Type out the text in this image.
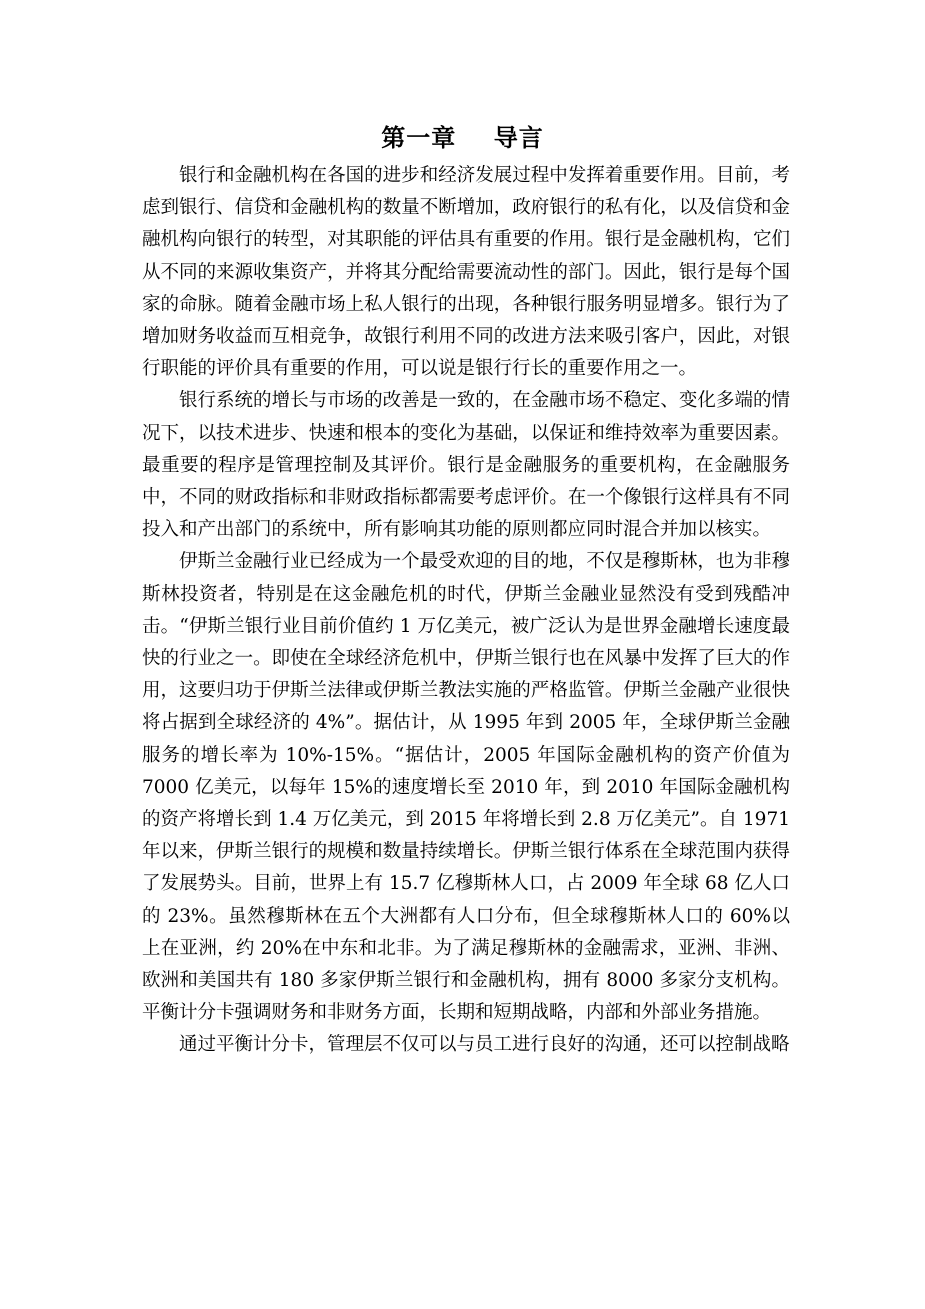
第一章    导言

银行和金融机构在各国的进步和经济发展过程中发挥着重要作用。目前，考虑到银行、信贷和金融机构的数量不断增加，政府银行的私有化，以及信贷和金融机构向银行的转型，对其职能的评估具有重要的作用。银行是金融机构，它们从不同的来源收集资产，并将其分配给需要流动性的部门。因此，银行是每个国家的命脉。随着金融市场上私人银行的出现，各种银行服务明显增多。银行为了增加财务收益而互相竞争，故银行利用不同的改进方法来吸引客户，因此，对银行职能的评价具有重要的作用，可以说是银行行长的重要作用之一。

银行系统的增长与市场的改善是一致的，在金融市场不稳定、变化多端的情况下，以技术进步、快速和根本的变化为基础，以保证和维持效率为重要因素。最重要的程序是管理控制及其评价。银行是金融服务的重要机构，在金融服务中，不同的财政指标和非财政指标都需要考虑评价。在一个像银行这样具有不同投入和产出部门的系统中，所有影响其功能的原则都应同时混合并加以核实。

伊斯兰金融行业已经成为一个最受欢迎的目的地，不仅是穆斯林，也为非穆斯林投资者，特别是在这金融危机的时代，伊斯兰金融业显然没有受到残酷冲击。“伊斯兰银行业目前价值约 1 万亿美元，被广泛认为是世界金融增长速度最快的行业之一。即使在全球经济危机中，伊斯兰银行也在风暴中发挥了巨大的作用，这要归功于伊斯兰法律或伊斯兰教法实施的严格监管。伊斯兰金融产业很快将占据到全球经济的 4%”。据估计，从 1995 年到 2005 年，全球伊斯兰金融服务的增长率为 10%-15%。“据估计，2005 年国际金融机构的资产价值为 7000 亿美元，以每年 15%的速度增长至 2010 年，到 2010 年国际金融机构的资产将增长到 1.4 万亿美元，到 2015 年将增长到 2.8 万亿美元”。自 1971 年以来，伊斯兰银行的规模和数量持续增长。伊斯兰银行体系在全球范围内获得了发展势头。目前，世界上有 15.7 亿穆斯林人口，占 2009 年全球 68 亿人口的 23%。虽然穆斯林在五个大洲都有人口分布，但全球穆斯林人口的 60%以上在亚洲，约 20%在中东和北非。为了满足穆斯林的金融需求，亚洲、非洲、欧洲和美国共有 180 多家伊斯兰银行和金融机构，拥有 8000 多家分支机构。平衡计分卡强调财务和非财务方面，长期和短期战略，内部和外部业务措施。

通过平衡计分卡，管理层不仅可以与员工进行良好的沟通，还可以控制战略
